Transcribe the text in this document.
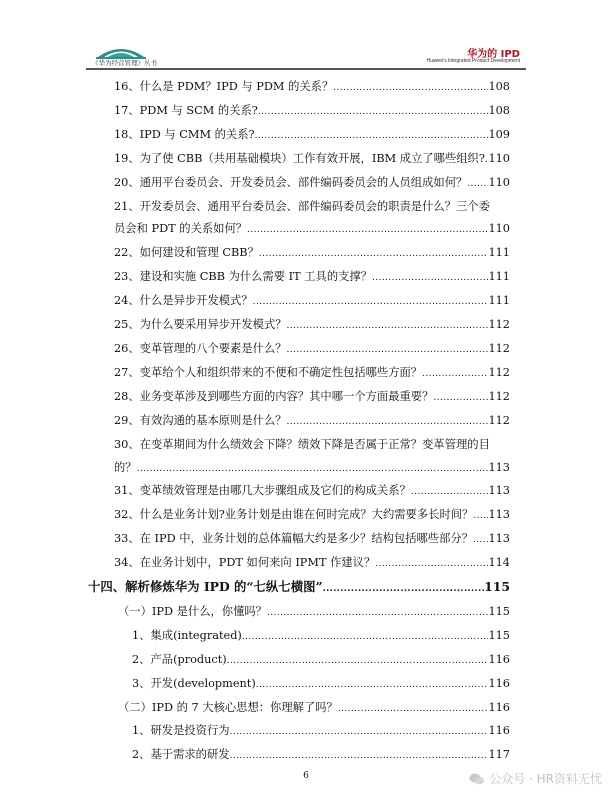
《华为经营管理》丛书
华为的 IPD
Huawei's Integrated Product Development
16、什么是 PDM？IPD 与 PDM 的关系？ .....	108
17、PDM 与 SCM 的关系? .....	108
18、IPD 与 CMM 的关系? .....	109
19、为了使 CBB（共用基础模块）工作有效开展，IBM 成立了哪些组织? ..... 110
20、通用平台委员会、开发委员会、部件编码委员会的人员组成如何？ ..... 110
21、开发委员会、通用平台委员会、部件编码委员会的职责是什么？三个委
员会和 PDT 的关系如何？ .....	110
22、如何建设和管理 CBB？ .....	111
23、建设和实施 CBB 为什么需要 IT 工具的支撑？ .....	111
24、什么是异步开发模式？ .....	111
25、为什么要采用异步开发模式？ .....	112
26、变革管理的八个要素是什么？ .....	112
27、变革给个人和组织带来的不便和不确定性包括哪些方面？ .....	112
28、业务变革涉及到哪些方面的内容？其中哪一个方面最重要？ .....	112
29、有效沟通的基本原则是什么？ .....	112
30、在变革期间为什么绩效会下降？绩效下降是否属于正常？变革管理的目
的？ .....	113
31、变革绩效管理是由哪几大步骤组成及它们的构成关系？ .....	113
32、什么是业务计划?业务计划是由谁在何时完成？大约需要多长时间？ ..... 113
33、在 IPD 中，业务计划的总体篇幅大约是多少？结构包括哪些部分？ ..... 113
34、在业务计划中，PDT 如何来向 IPMT 作建议？ .....	114
十四、解析修炼华为 IPD 的“七纵七横图” .....	115
（一）IPD 是什么，你懂吗？ .....	115
1、集成(integrated) .....	115
2、产品(product) .....	116
3、开发(development) .....	116
（二）IPD 的 7 大核心思想：你理解了吗？ .....	116
1、研发是投资行为 .....	116
2、基于需求的研发 .....	117
6	公众号 · HR资料无忧
